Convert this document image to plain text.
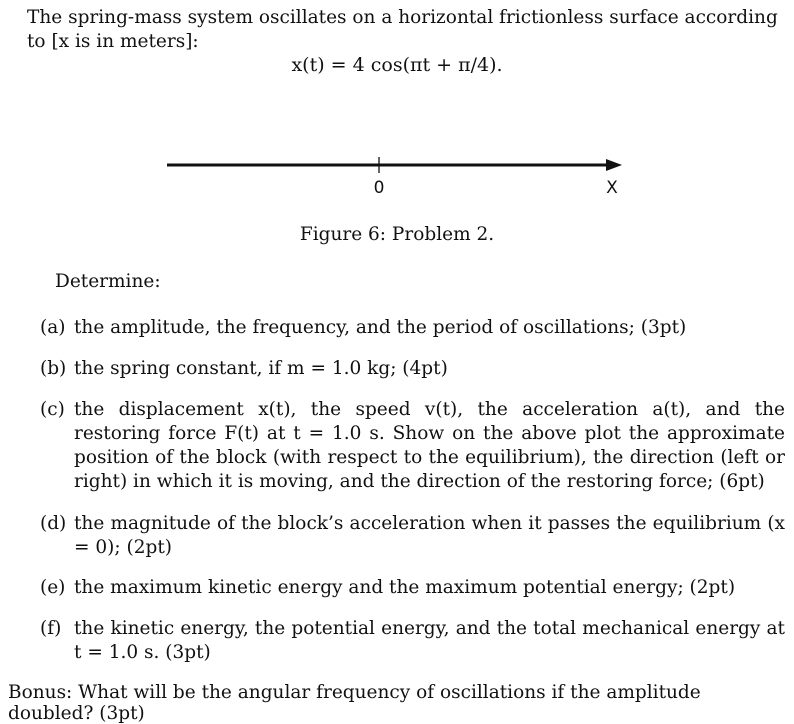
The spring-mass system oscillates on a horizontal frictionless surface according to [x is in meters]:
x(t) = 4 cos(πt + π/4).
0	X
Figure 6: Problem 2.
Determine:
(a) the amplitude, the frequency, and the period of oscillations; (3pt)
(b) the spring constant, if m = 1.0 kg; (4pt)
(c) the displacement x(t), the speed v(t), the acceleration a(t), and the restoring force F(t) at t = 1.0 s. Show on the above plot the approximate position of the block (with respect to the equilibrium), the direction (left or right) in which it is moving, and the direction of the restoring force; (6pt)
(d) the magnitude of the block’s acceleration when it passes the equilibrium (x = 0); (2pt)
(e) the maximum kinetic energy and the maximum potential energy; (2pt)
(f) the kinetic energy, the potential energy, and the total mechanical energy at t = 1.0 s. (3pt)
Bonus: What will be the angular frequency of oscillations if the amplitude doubled? (3pt)
